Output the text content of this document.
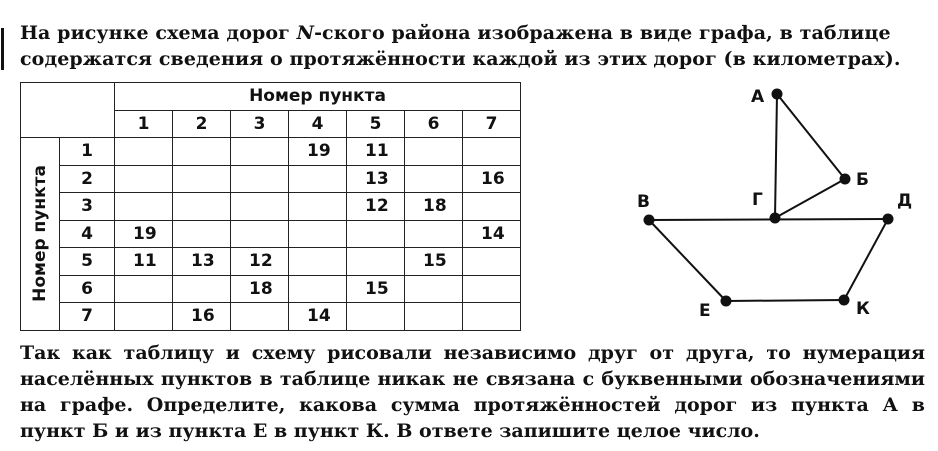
На рисунке схема дорог N-ского района изображена в виде графа, в таблице содержатся сведения о протяжённости каждой из этих дорог (в километрах).
		Номер пункта						
		1	2	3	4	5	6	7

Номер пункта	1				19	11		
	2					13		16
	3					12	18	
	4	19						14
	5	11	13	12			15	
	6			18		15		
	7		16		14			
А
Б
В	Г	Д
Е	К
Так как таблицу и схему рисовали независимо друг от друга, то нумерация населённых пунктов в таблице никак не связана с буквенными обозначениями на графе. Определите, какова сумма протяжённостей дорог из пункта А в пункт Б и из пункта Е в пункт К. В ответе запишите целое число.
